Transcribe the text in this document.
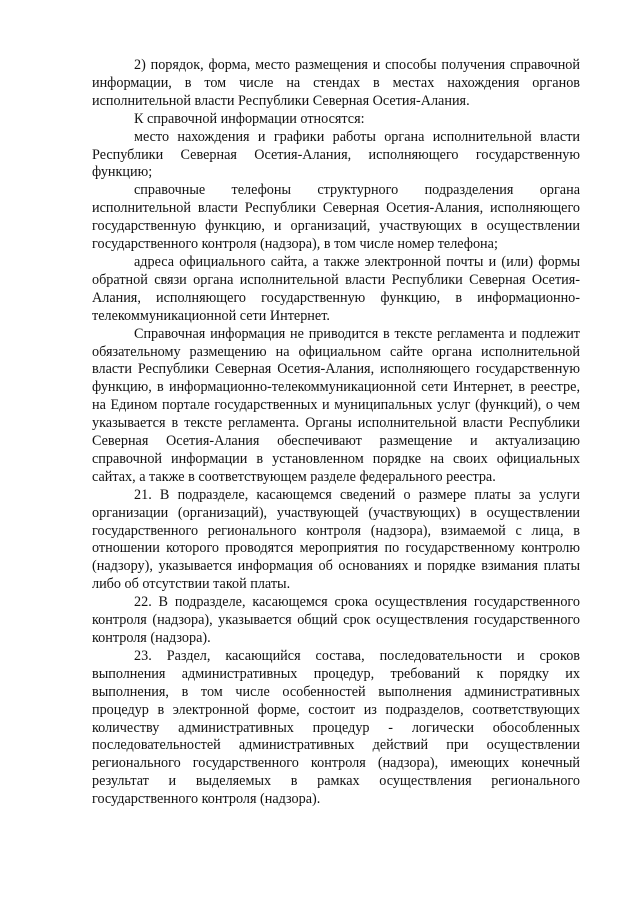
2) порядок, форма, место размещения и способы получения справочной информации, в том числе на стендах в местах нахождения органов исполнительной власти Республики Северная Осетия-Алания.

К справочной информации относятся:

место нахождения и графики работы органа исполнительной власти Республики Северная Осетия-Алания, исполняющего государственную функцию;

справочные телефоны структурного подразделения органа исполнительной власти Республики Северная Осетия-Алания, исполняющего государственную функцию, и организаций, участвующих в осуществлении государственного контроля (надзора), в том числе номер телефона;

адреса официального сайта, а также электронной почты и (или) формы обратной связи органа исполнительной власти Республики Северная Осетия-Алания, исполняющего государственную функцию, в информационно-телекоммуникационной сети Интернет.

Справочная информация не приводится в тексте регламента и подлежит обязательному размещению на официальном сайте органа исполнительной власти Республики Северная Осетия-Алания, исполняющего государственную функцию, в информационно-телекоммуникационной сети Интернет, в реестре, на Едином портале государственных и муниципальных услуг (функций), о чем указывается в тексте регламента. Органы исполнительной власти Республики Северная Осетия-Алания обеспечивают размещение и актуализацию справочной информации в установленном порядке на своих официальных сайтах, а также в соответствующем разделе федерального реестра.

21. В подразделе, касающемся сведений о размере платы за услуги организации (организаций), участвующей (участвующих) в осуществлении государственного регионального контроля (надзора), взимаемой с лица, в отношении которого проводятся мероприятия по государственному контролю (надзору), указывается информация об основаниях и порядке взимания платы либо об отсутствии такой платы.

22. В подразделе, касающемся срока осуществления государственного контроля (надзора), указывается общий срок осуществления государственного контроля (надзора).

23. Раздел, касающийся состава, последовательности и сроков выполнения административных процедур, требований к порядку их выполнения, в том числе особенностей выполнения административных процедур в электронной форме, состоит из подразделов, соответствующих количеству административных процедур - логически обособленных последовательностей административных действий при осуществлении регионального государственного контроля (надзора), имеющих конечный результат и выделяемых в рамках осуществления регионального государственного контроля (надзора).
